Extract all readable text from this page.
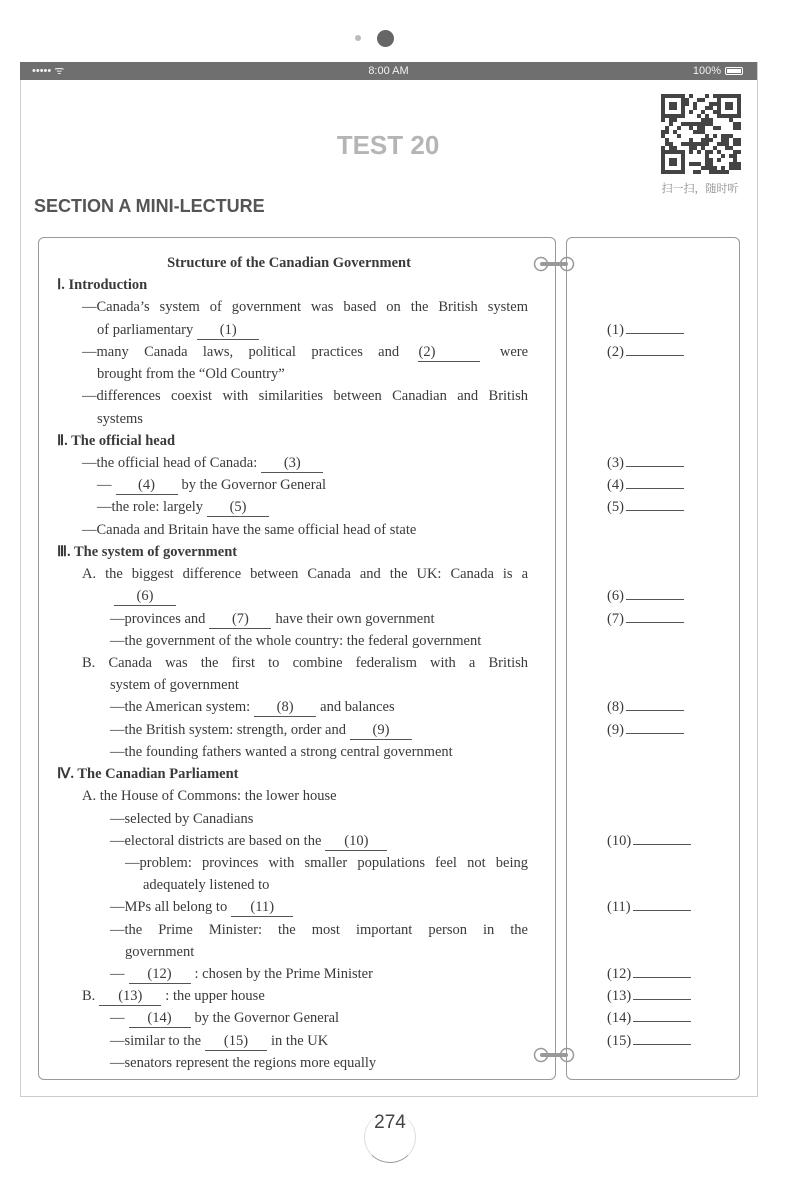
••••• ᯤ	8:00 AM	100%
TEST 20
扫一扫，随时听
SECTION A MINI-LECTURE
Structure of the Canadian Government
Ⅰ. Introduction
—Canada’s system of government was based on the British system
of parliamentary (1)	(1)
—many Canada laws, political practices and (2)	were	(2)
brought from the “Old Country”
—differences coexist with similarities between Canadian and British
systems
Ⅱ. The official head
—the official head of Canada: (3)	(3)
— (4) by the Governor General	(4)
—the role: largely (5)	(5)
—Canada and Britain have the same official head of state
Ⅲ. The system of government
A. the biggest difference between Canada and the UK: Canada is a
(6)	(6)
—provinces and (7) have their own government	(7)
—the government of the whole country: the federal government
B. Canada was the first to combine federalism with a British
system of government
—the American system: (8) and balances	(8)
—the British system: strength, order and (9)	(9)
—the founding fathers wanted a strong central government
Ⅳ. The Canadian Parliament
A. the House of Commons: the lower house
—selected by Canadians
—electoral districts are based on the (10)	(10)
—problem: provinces with smaller populations feel not being
adequately listened to
—MPs all belong to (11)	(11)
—the Prime Minister: the most important person in the
government
— (12) : chosen by the Prime Minister	(12)
B. (13) : the upper house	(13)
— (14) by the Governor General	(14)
—similar to the (15) in the UK	(15)
—senators represent the regions more equally
274
